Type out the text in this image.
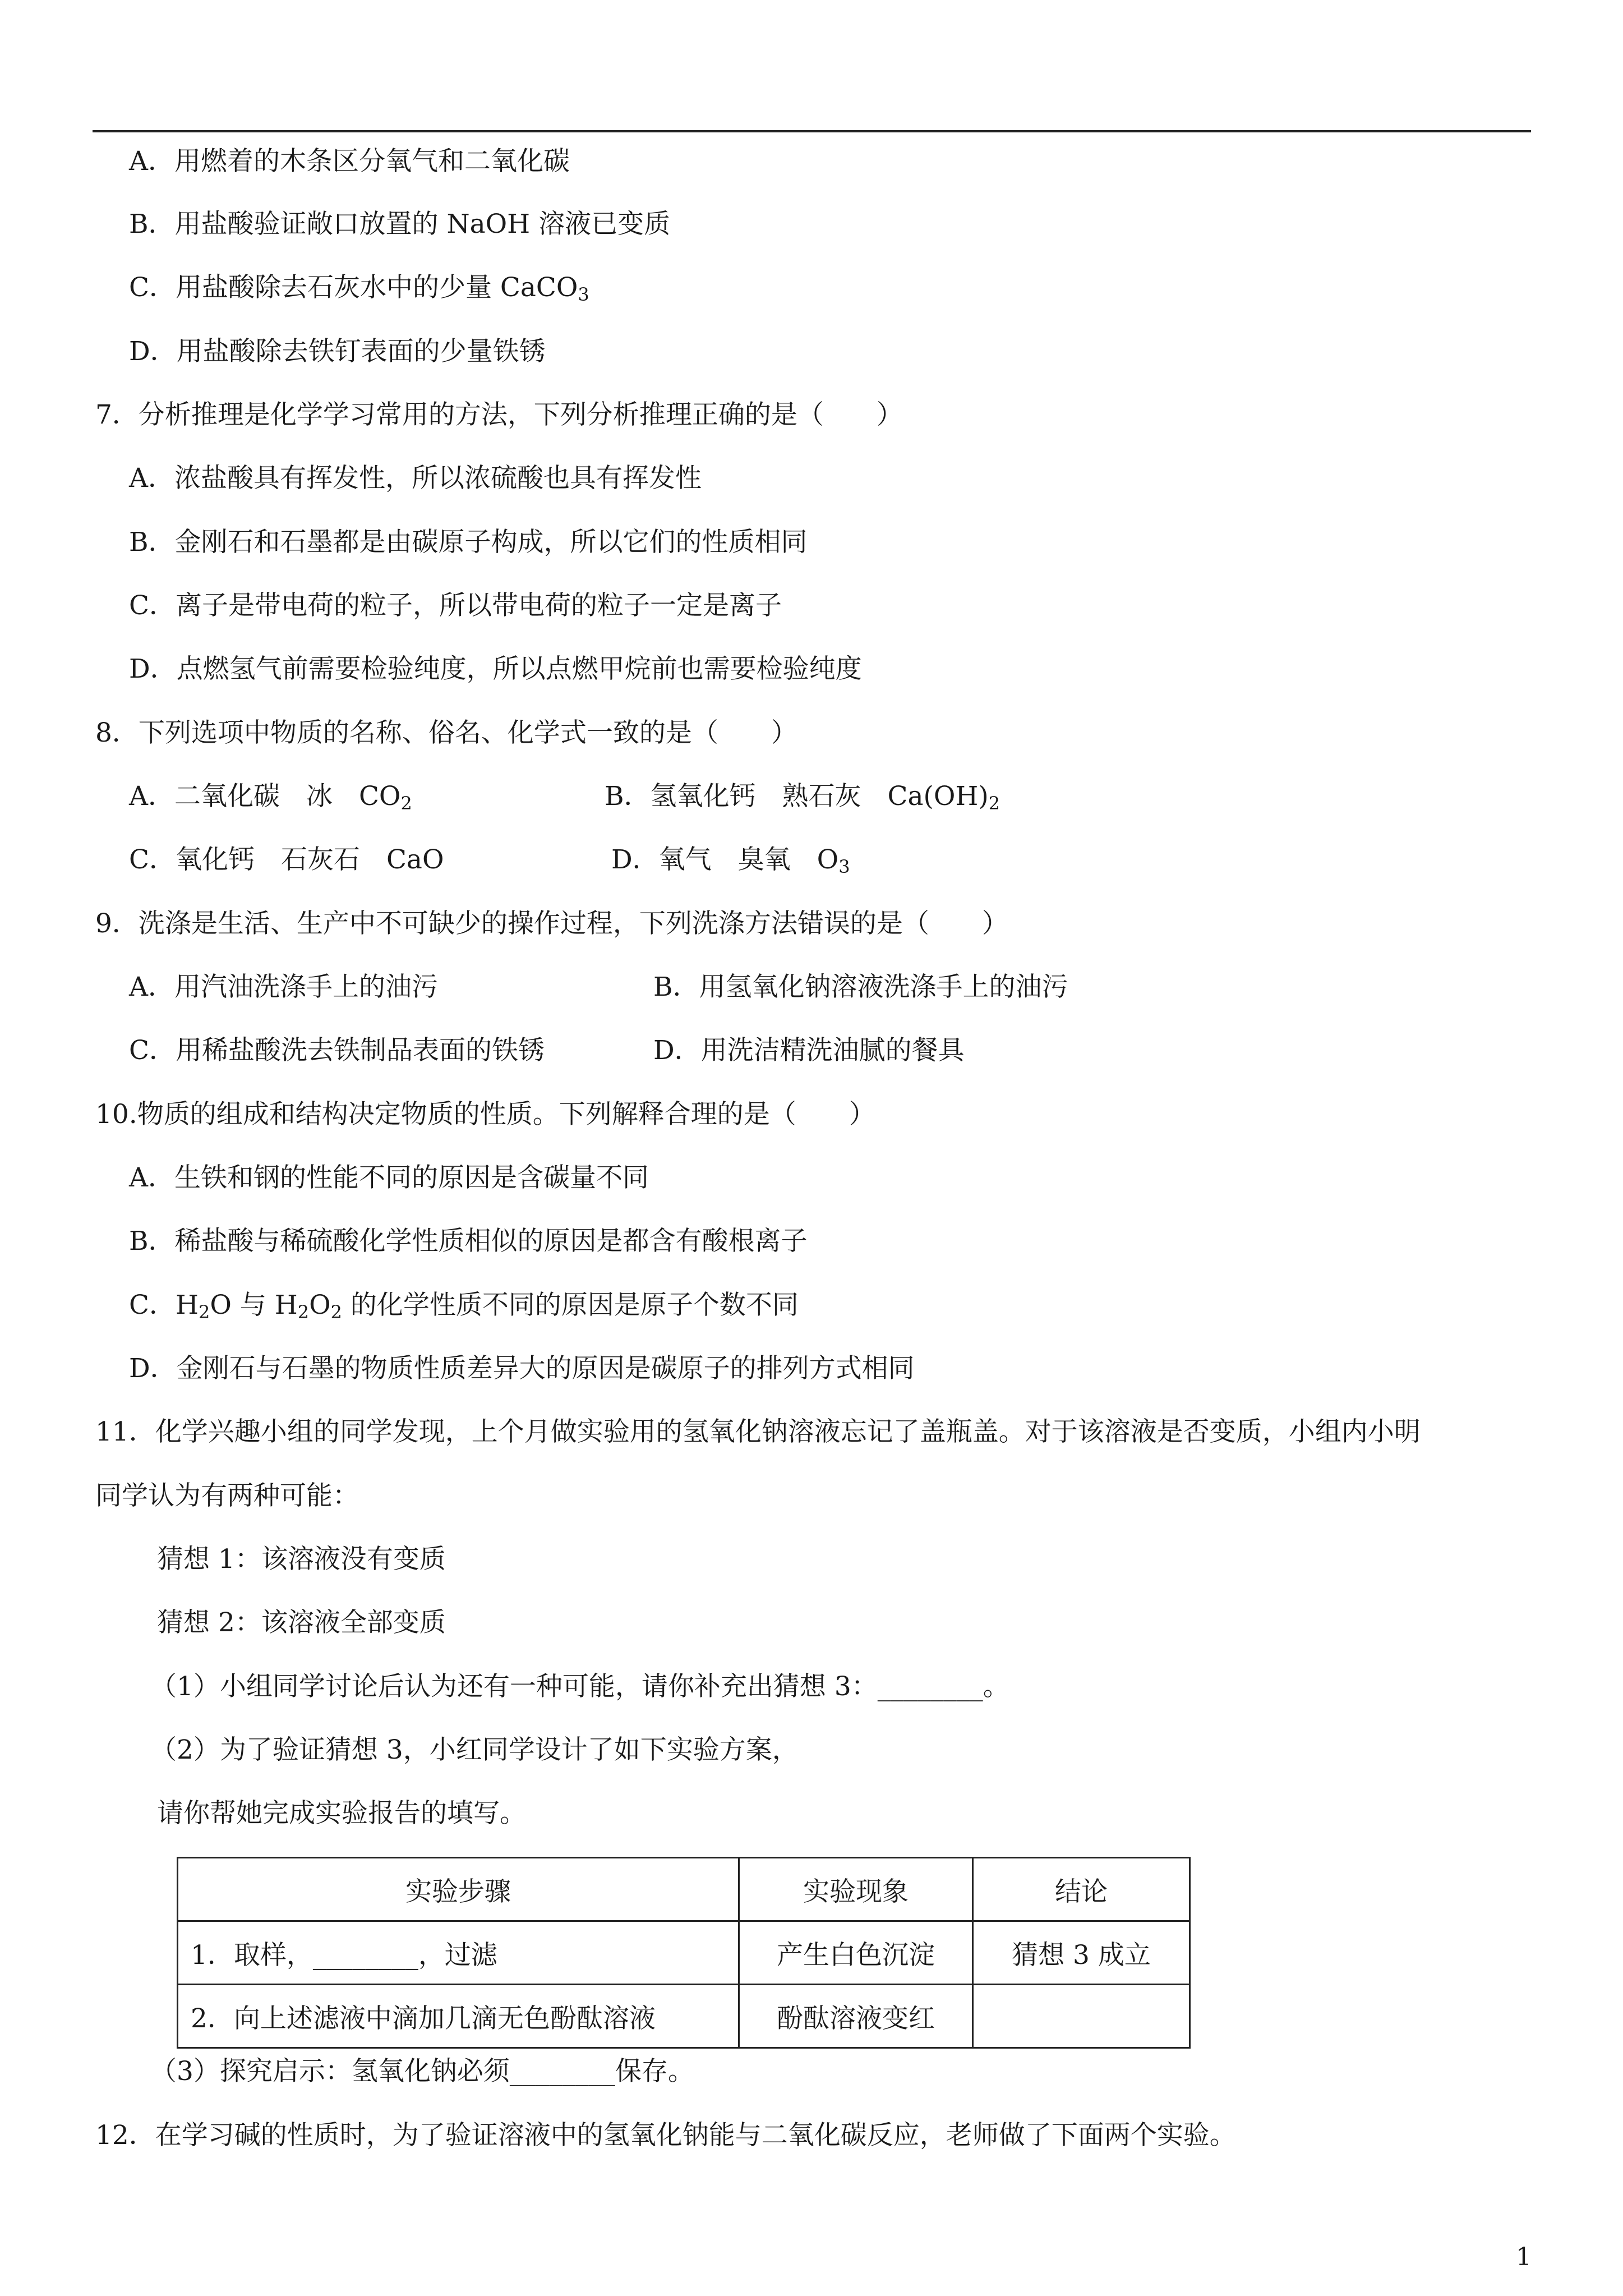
A．用燃着的木条区分氧气和二氧化碳
B．用盐酸验证敞口放置的 NaOH 溶液已变质
C．用盐酸除去石灰水中的少量 CaCO$_3$
D．用盐酸除去铁钉表面的少量铁锈
7．分析推理是化学学习常用的方法，下列分析推理正确的是（　　）
A．浓盐酸具有挥发性，所以浓硫酸也具有挥发性
B．金刚石和石墨都是由碳原子构成，所以它们的性质相同
C．离子是带电荷的粒子，所以带电荷的粒子一定是离子
D．点燃氢气前需要检验纯度，所以点燃甲烷前也需要检验纯度
8．下列选项中物质的名称、俗名、化学式一致的是（　　）
A．二氧化碳　冰　$CO_2$	B．氢氧化钙　熟石灰　$Ca(OH)_2$
C．氧化钙　石灰石　CaO	D．氧气　臭氧　$O_3$
9．洗涤是生活、生产中不可缺少的操作过程，下列洗涤方法错误的是（　　）
A．用汽油洗涤手上的油污	B．用氢氧化钠溶液洗涤手上的油污
C．用稀盐酸洗去铁制品表面的铁锈	D．用洗洁精洗油腻的餐具
10.物质的组成和结构决定物质的性质。下列解释合理的是（　　）
A．生铁和钢的性能不同的原因是含碳量不同
B．稀盐酸与稀硫酸化学性质相似的原因是都含有酸根离子
C．$H_2O$ 与 $H_2O_2$ 的化学性质不同的原因是原子个数不同
D．金刚石与石墨的物质性质差异大的原因是碳原子的排列方式相同
11．化学兴趣小组的同学发现，上个月做实验用的氢氧化钠溶液忘记了盖瓶盖。对于该溶液是否变质，小组内小明
同学认为有两种可能：
猜想 1：该溶液没有变质
猜想 2：该溶液全部变质
（1）小组同学讨论后认为还有一种可能，请你补充出猜想 3：________。
（2）为了验证猜想 3，小红同学设计了如下实验方案，
请你帮她完成实验报告的填写。
实验步骤	实验现象	结论
1．取样，________，过滤	产生白色沉淀	猜想 3 成立
2．向上述滤液中滴加几滴无色酚酞溶液	酚酞溶液变红	
（3）探究启示：氢氧化钠必须________保存。
12．在学习碱的性质时，为了验证溶液中的氢氧化钠能与二氧化碳反应，老师做了下面两个实验。
1
